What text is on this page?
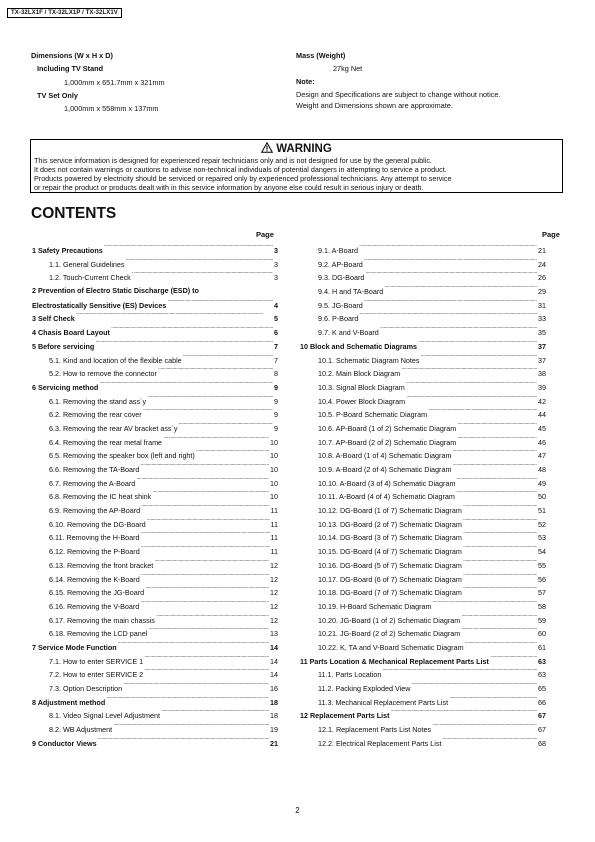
TX-32LX1F / TX-32LX1P / TX-32LX1V
Dimensions (W x H x D)
Including TV Stand
1,000mm x 651.7mm x 321mm
TV Set Only
1,000mm x 558mm x 137mm
Mass (Weight)
27kg Net
Note:
Design and Specifications are subject to change without notice.
Weight and Dimensions shown are approximate.
WARNING
This service information is designed for experienced repair technicians only and is not designed for use by the general public.
It does not contain warnings or cautions to advise non-technical individuals of potential dangers in attempting to service a product.
Products powered by electricity should be serviced or repaired only by experienced professional technicians. Any attempt to service
or repair the product or products dealt with in this service information by anyone else could result in serious injury or death.
CONTENTS
Page	Page
1 Safety Precautions ·····	3
1.1. General Guidelines ·····	3
1.2. Touch-Current Check ·····	3
2 Prevention of Electro Static Discharge (ESD) to
Electrostatically Sensitive (ES) Devices ·····	4
3 Self Check ·····	5
4 Chasis Board Layout ·····	6
5 Before servicing ·····	7
5.1. Kind and location of the flexible cable ·····	7
5.2. How to remove the connector ·····	8
6 Servicing method ·····	9
6.1. Removing the stand ass´y ·····	9
6.2. Removing the rear cover ·····	9
6.3. Removing the rear AV bracket ass´y ·····	9
6.4. Removing the rear metal frame ·····	10
6.5. Removing the speaker box (left and right) ·····	10
6.6. Removing the TA-Board ·····	10
6.7. Removing the A-Board ·····	10
6.8. Removing the IC heat shink ·····	10
6.9. Removing the AP-Board ·····	11
6.10. Removing the DG-Board ·····	11
6.11. Removing the H-Board ·····	11
6.12. Removing the P-Board ·····	11
6.13. Removing the front bracket ·····	12
6.14. Removing the K-Board ·····	12
6.15. Removing the JG-Board ·····	12
6.16. Removing the V-Board ·····	12
6.17. Removing the main chassis ·····	12
6.18. Removing the LCD panel ·····	13
7 Service Mode Function ·····	14
7.1. How to enter SERVICE 1 ·····	14
7.2. How to enter SERVICE 2 ·····	14
7.3. Option Description ·····	16
8 Adjustment method ·····	18
8.1. Video Signal Level Adjustment ·····	18
8.2. WB Adjustment ·····	19
9 Conductor Views ·····	21
9.1. A-Board ·····	21
9.2. AP-Board ·····	24
9.3. DG-Board ·····	26
9.4. H and TA-Board ·····	29
9.5. JG-Board ·····	31
9.6. P-Board ·····	33
9.7. K and V-Board ·····	35
10 Block and Schematic Diagrams ·····	37
10.1. Schematic Diagram Notes ·····	37
10.2. Main Block Diagram ·····	38
10.3. Signal Block Diagram ·····	39
10.4. Power Block Diagram ·····	42
10.5. P-Board Schematic Diagram ·····	44
10.6. AP-Board (1 of 2) Schematic Diagram ·····	45
10.7. AP-Board (2 of 2) Schematic Diagram ·····	46
10.8. A-Board (1 of 4) Schematic Diagram ·····	47
10.9. A-Board (2 of 4) Schematic Diagram ·····	48
10.10. A-Board (3 of 4) Schematic Diagram ·····	49
10.11. A-Board (4 of 4) Schematic Diagram ·····	50
10.12. DG-Board (1 of 7) Schematic Diagram ·····	51
10.13. DG-Board (2 of 7) Schematic Diagram ·····	52
10.14. DG-Board (3 of 7) Schematic Diagram ·····	53
10.15. DG-Board (4 of 7) Schematic Diagram ·····	54
10.16. DG-Board (5 of 7) Schematic Diagram ·····	55
10.17. DG-Board (6 of 7) Schematic Diagram ·····	56
10.18. DG-Board (7 of 7) Schematic Diagram ·····	57
10.19. H-Board Schematic Diagram ·····	58
10.20. JG-Board (1 of 2) Schematic Diagram ·····	59
10.21. JG-Board (2 of 2) Schematic Diagram ·····	60
10.22. K, TA and V-Board Schematic Diagram ·····	61
11 Parts Location & Mechanical Replacement Parts List ·····	63
11.1. Parts Location ·····	63
11.2. Packing Exploded View ·····	65
11.3. Mechanical Replacement Parts List ·····	66
12 Replacement Parts List ·····	67
12.1. Replacement Parts List Notes ·····	67
12.2. Electrical Replacement Parts List ·····	68
2
